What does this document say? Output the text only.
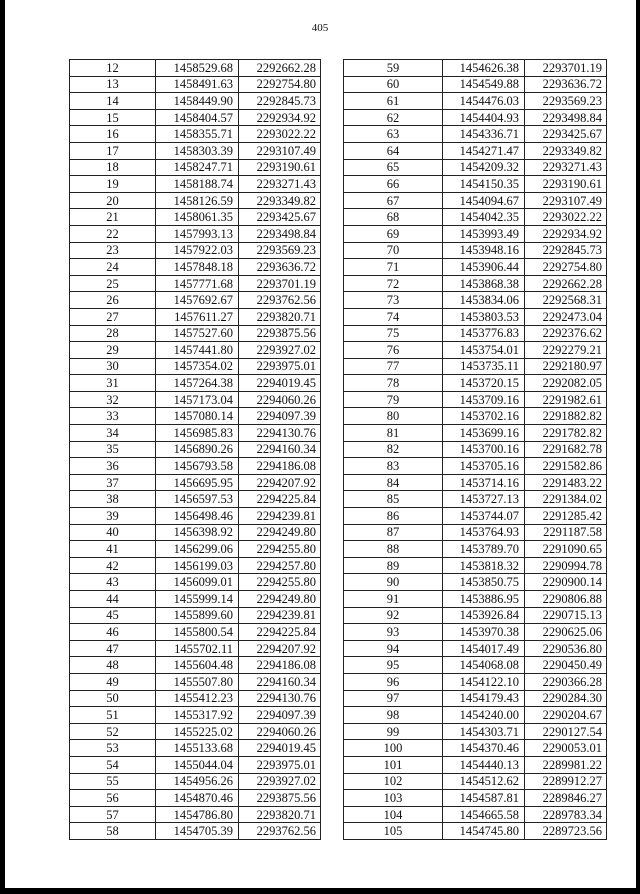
405
12	1458529.68	2292662.28
13	1458491.63	2292754.80
14	1458449.90	2292845.73
15	1458404.57	2292934.92
16	1458355.71	2293022.22
17	1458303.39	2293107.49
18	1458247.71	2293190.61
19	1458188.74	2293271.43
20	1458126.59	2293349.82
21	1458061.35	2293425.67
22	1457993.13	2293498.84
23	1457922.03	2293569.23
24	1457848.18	2293636.72
25	1457771.68	2293701.19
26	1457692.67	2293762.56
27	1457611.27	2293820.71
28	1457527.60	2293875.56
29	1457441.80	2293927.02
30	1457354.02	2293975.01
31	1457264.38	2294019.45
32	1457173.04	2294060.26
33	1457080.14	2294097.39
34	1456985.83	2294130.76
35	1456890.26	2294160.34
36	1456793.58	2294186.08
37	1456695.95	2294207.92
38	1456597.53	2294225.84
39	1456498.46	2294239.81
40	1456398.92	2294249.80
41	1456299.06	2294255.80
42	1456199.03	2294257.80
43	1456099.01	2294255.80
44	1455999.14	2294249.80
45	1455899.60	2294239.81
46	1455800.54	2294225.84
47	1455702.11	2294207.92
48	1455604.48	2294186.08
49	1455507.80	2294160.34
50	1455412.23	2294130.76
51	1455317.92	2294097.39
52	1455225.02	2294060.26
53	1455133.68	2294019.45
54	1455044.04	2293975.01
55	1454956.26	2293927.02
56	1454870.46	2293875.56
57	1454786.80	2293820.71
58	1454705.39	2293762.56
59	1454626.38	2293701.19
60	1454549.88	2293636.72
61	1454476.03	2293569.23
62	1454404.93	2293498.84
63	1454336.71	2293425.67
64	1454271.47	2293349.82
65	1454209.32	2293271.43
66	1454150.35	2293190.61
67	1454094.67	2293107.49
68	1454042.35	2293022.22
69	1453993.49	2292934.92
70	1453948.16	2292845.73
71	1453906.44	2292754.80
72	1453868.38	2292662.28
73	1453834.06	2292568.31
74	1453803.53	2292473.04
75	1453776.83	2292376.62
76	1453754.01	2292279.21
77	1453735.11	2292180.97
78	1453720.15	2292082.05
79	1453709.16	2291982.61
80	1453702.16	2291882.82
81	1453699.16	2291782.82
82	1453700.16	2291682.78
83	1453705.16	2291582.86
84	1453714.16	2291483.22
85	1453727.13	2291384.02
86	1453744.07	2291285.42
87	1453764.93	2291187.58
88	1453789.70	2291090.65
89	1453818.32	2290994.78
90	1453850.75	2290900.14
91	1453886.95	2290806.88
92	1453926.84	2290715.13
93	1453970.38	2290625.06
94	1454017.49	2290536.80
95	1454068.08	2290450.49
96	1454122.10	2290366.28
97	1454179.43	2290284.30
98	1454240.00	2290204.67
99	1454303.71	2290127.54
100	1454370.46	2290053.01
101	1454440.13	2289981.22
102	1454512.62	2289912.27
103	1454587.81	2289846.27
104	1454665.58	2289783.34
105	1454745.80	2289723.56
